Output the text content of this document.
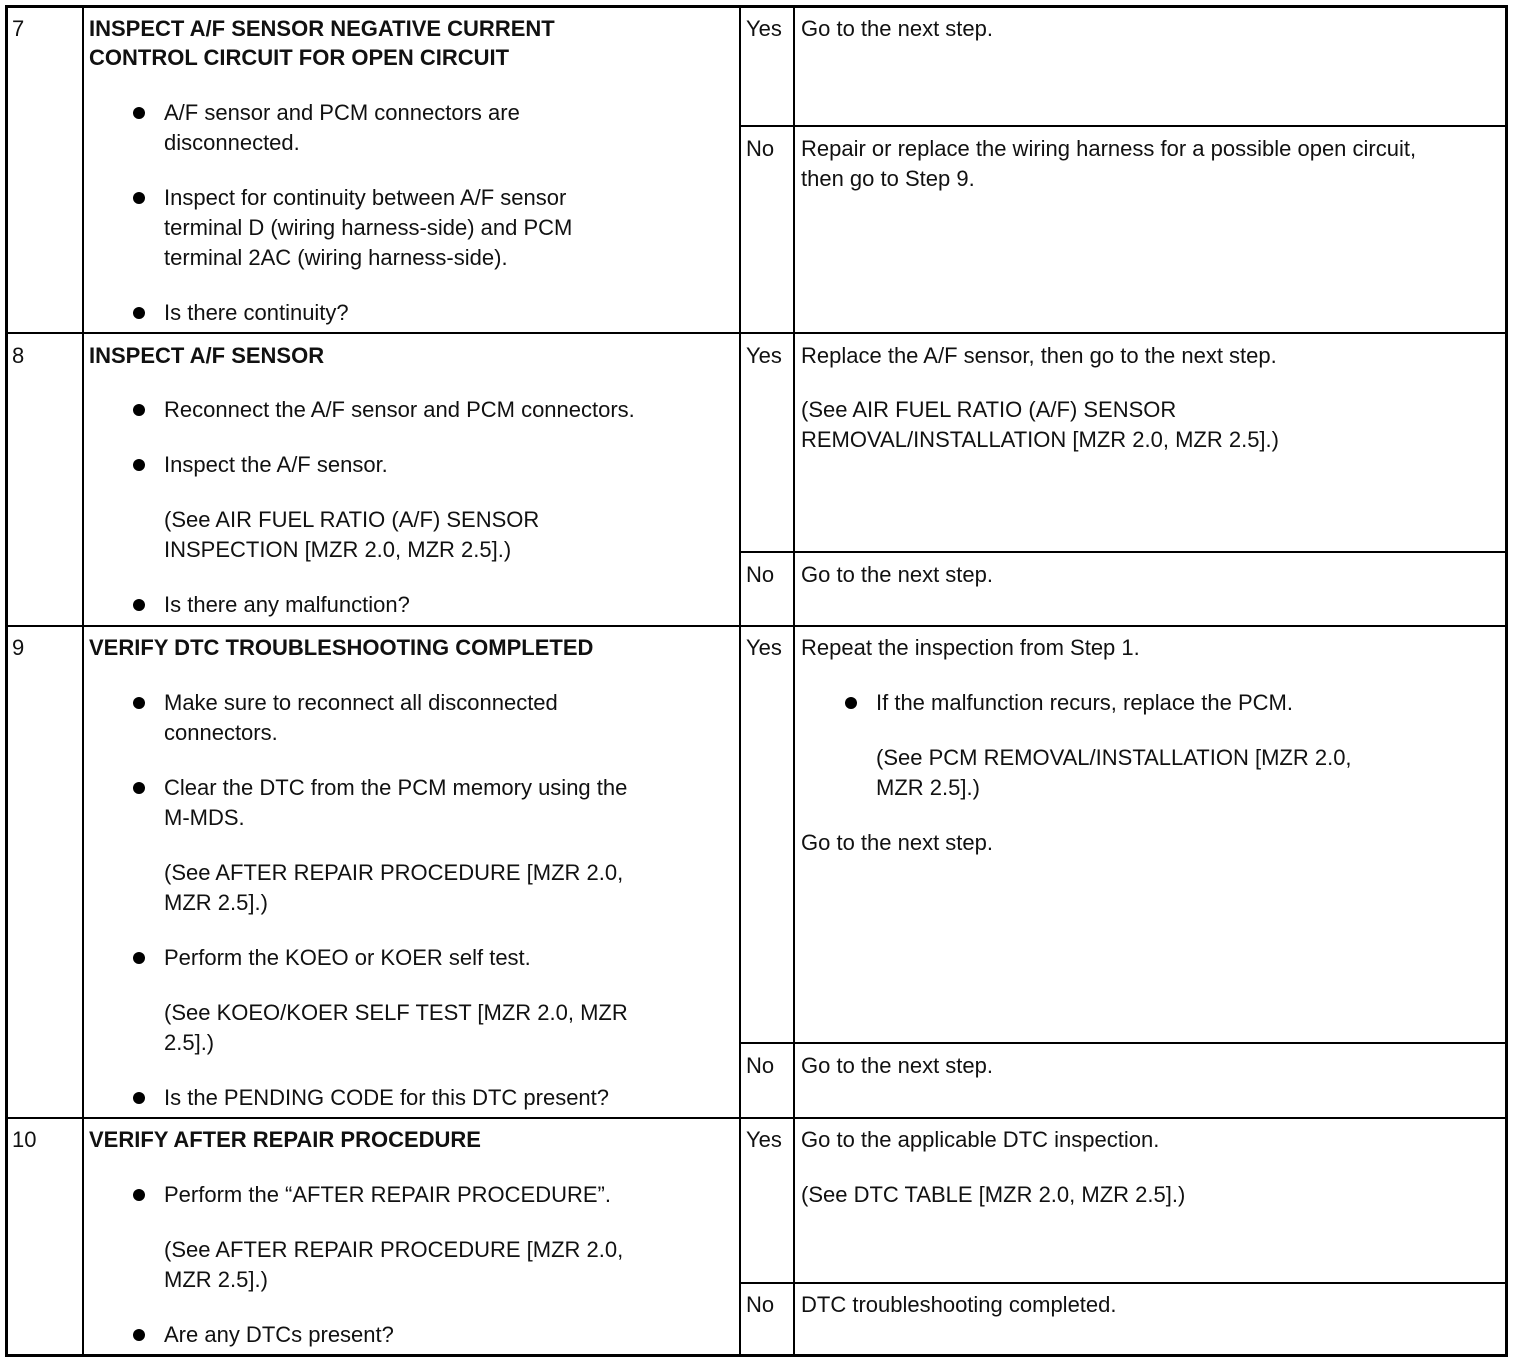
7	INSPECT A/F SENSOR NEGATIVE CURRENT
CONTROL CIRCUIT FOR OPEN CIRCUIT
A/F sensor and PCM connectors are
disconnected.
Inspect for continuity between A/F sensor
terminal D (wiring harness-side) and PCM
terminal 2AC (wiring harness-side).
Is there continuity?
Yes Go to the next step.
No Repair or replace the wiring harness for a possible open circuit,
then go to Step 9.
8	INSPECT A/F SENSOR
Reconnect the A/F sensor and PCM connectors.
Inspect the A/F sensor.
(See AIR FUEL RATIO (A/F) SENSOR
INSPECTION [MZR 2.0, MZR 2.5].)
Is there any malfunction?
Yes Replace the A/F sensor, then go to the next step.
(See AIR FUEL RATIO (A/F) SENSOR
REMOVAL/INSTALLATION [MZR 2.0, MZR 2.5].)
No Go to the next step.
9	VERIFY DTC TROUBLESHOOTING COMPLETED
Make sure to reconnect all disconnected
connectors.
Clear the DTC from the PCM memory using the
M-MDS.
(See AFTER REPAIR PROCEDURE [MZR 2.0,
MZR 2.5].)
Perform the KOEO or KOER self test.
(See KOEO/KOER SELF TEST [MZR 2.0, MZR
2.5].)
Is the PENDING CODE for this DTC present?
Yes Repeat the inspection from Step 1.
If the malfunction recurs, replace the PCM.
(See PCM REMOVAL/INSTALLATION [MZR 2.0,
MZR 2.5].)
Go to the next step.
No Go to the next step.
10 VERIFY AFTER REPAIR PROCEDURE
Perform the “AFTER REPAIR PROCEDURE”.
(See AFTER REPAIR PROCEDURE [MZR 2.0,
MZR 2.5].)
Are any DTCs present?
Yes Go to the applicable DTC inspection.
(See DTC TABLE [MZR 2.0, MZR 2.5].)
No DTC troubleshooting completed.
